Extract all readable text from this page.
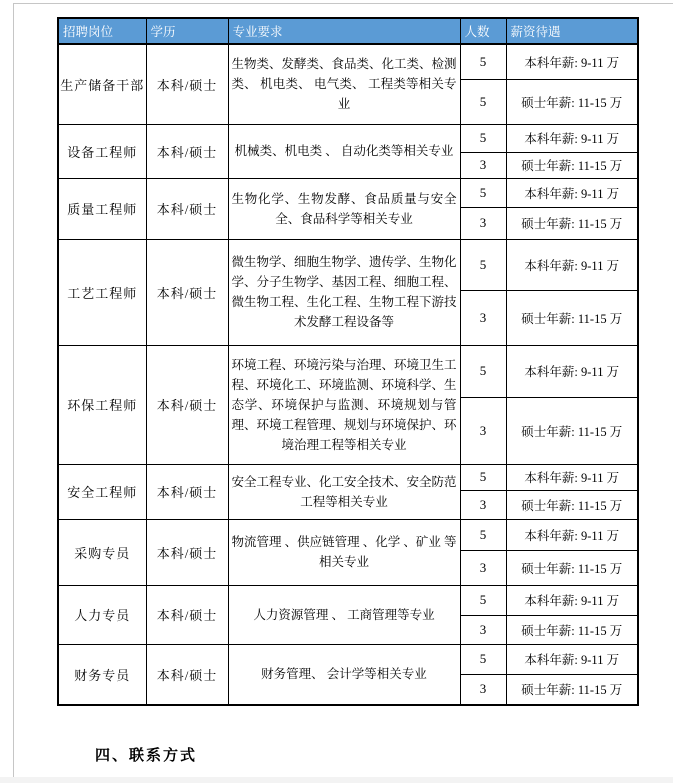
招聘岗位	学历	专业要求	人数	薪资待遇
生产储备干部	本科/硕士	生物类、发酵类、食品类、化工类、检测类、 机电类、 电气类、 工程类等相关专业	5	本科年薪: 9-11 万
			5	硕士年薪: 11-15 万
设备工程师	本科/硕士	机械类、机电类 、 自动化类等相关专业	5	本科年薪: 9-11 万
			3	硕士年薪: 11-15 万
质量工程师	本科/硕士	生物化学、生物发酵、食品质量与安全全、食品科学等相关专业	5	本科年薪: 9-11 万
			3	硕士年薪: 11-15 万
工艺工程师	本科/硕士	微生物学、细胞生物学、遗传学、生物化学、分子生物学、基因工程、细胞工程、微生物工程、生化工程、生物工程下游技术发酵工程设备等	5	本科年薪: 9-11 万
			3	硕士年薪: 11-15 万
环保工程师	本科/硕士	环境工程、环境污染与治理、环境卫生工程、环境化工、环境监测、环境科学、生态学、环境保护与监测、环境规划与管理、环境工程管理、规划与环境保护、环境治理工程等相关专业	5	本科年薪: 9-11 万
			3	硕士年薪: 11-15 万
安全工程师	本科/硕士	安全工程专业、化工安全技术、安全防范工程等相关专业	5	本科年薪: 9-11 万
			3	硕士年薪: 11-15 万
采购专员	本科/硕士	物流管理 、供应链管理 、化学 、矿业 等相关专业	5	本科年薪: 9-11 万
			3	硕士年薪: 11-15 万
人力专员	本科/硕士	人力资源管理 、 工商管理等专业	5	本科年薪: 9-11 万
			3	硕士年薪: 11-15 万
财务专员	本科/硕士	财务管理、 会计学等相关专业	5	本科年薪: 9-11 万
			3	硕士年薪: 11-15 万
四、联系方式
